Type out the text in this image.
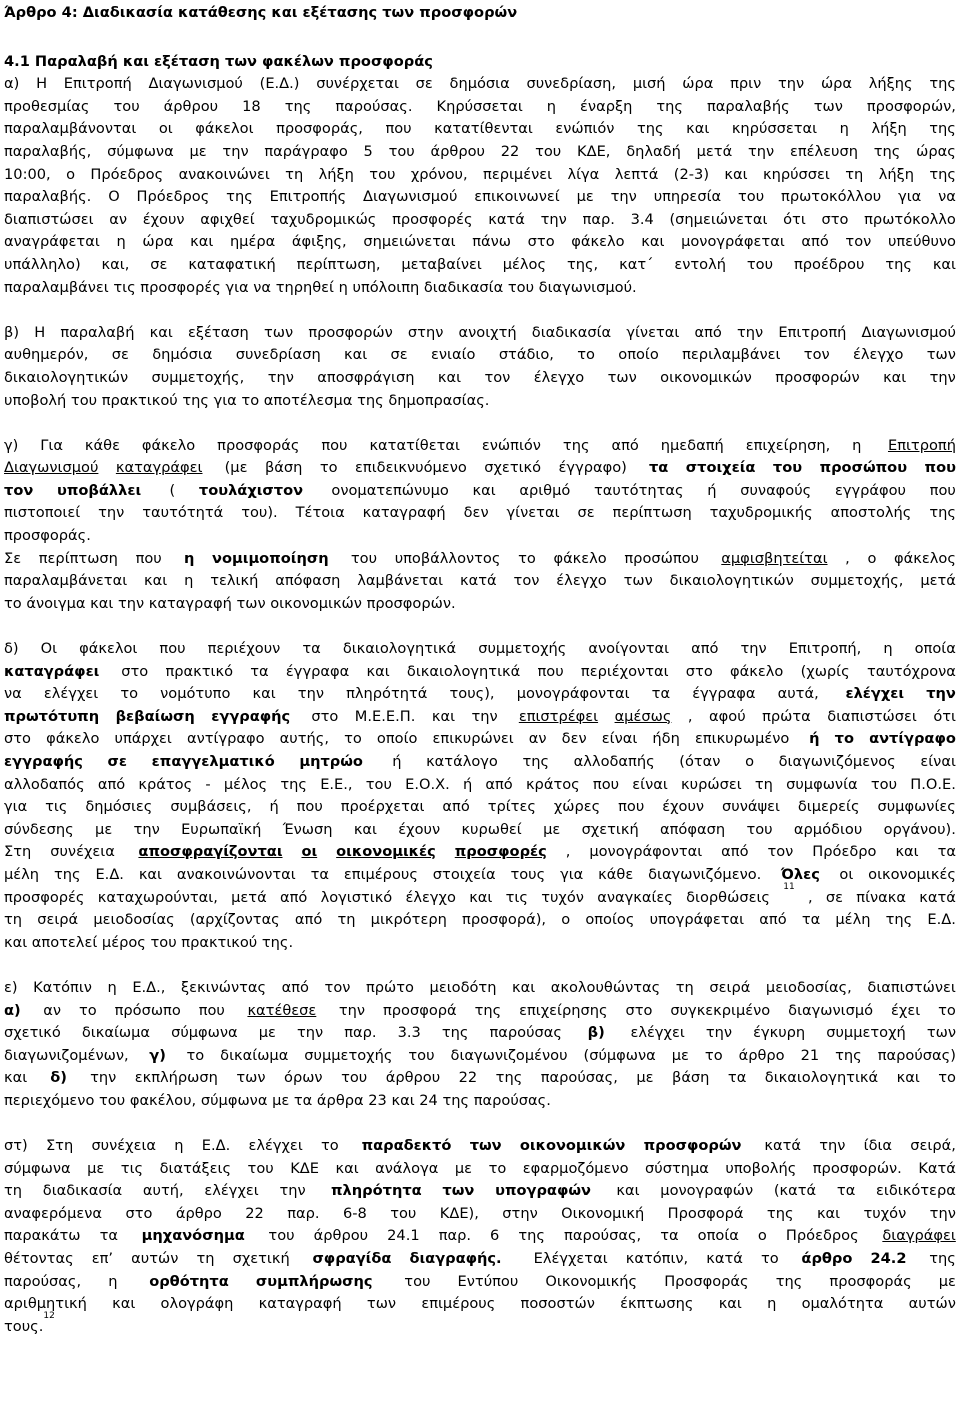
Άρθρο 4: Διαδικασία κατάθεσης και εξέτασης των προσφορών
4.1 Παραλαβή και εξέταση των φακέλων προσφοράς
α) Η Επιτροπή Διαγωνισμού (Ε.Δ.) συνέρχεται σε δημόσια συνεδρίαση, μισή ώρα πριν την ώρα λήξης της
προθεσμίας του άρθρου 18 της παρούσας. Κηρύσσεται η έναρξη της παραλαβής των προσφορών,
παραλαμβάνονται οι φάκελοι προσφοράς, που κατατίθενται ενώπιόν της και κηρύσσεται η λήξη της
παραλαβής, σύμφωνα με την παράγραφο 5 του άρθρου 22 του ΚΔΕ, δηλαδή μετά την επέλευση της ώρας
10:00, ο Πρόεδρος ανακοινώνει τη λήξη του χρόνου, περιμένει λίγα λεπτά (2-3) και κηρύσσει τη λήξη της
παραλαβής. Ο Πρόεδρος της Επιτροπής Διαγωνισμού επικοινωνεί με την υπηρεσία του πρωτοκόλλου για να
διαπιστώσει αν έχουν αφιχθεί ταχυδρομικώς προσφορές κατά την παρ. 3.4 (σημειώνεται ότι στο πρωτόκολλο
αναγράφεται η ώρα και ημέρα άφιξης, σημειώνεται πάνω στο φάκελο και μονογράφεται από τον υπεύθυνο
υπάλληλο) και, σε καταφατική περίπτωση, μεταβαίνει μέλος της, κατ΄ εντολή του προέδρου της και
παραλαμβάνει τις προσφορές για να τηρηθεί η υπόλοιπη διαδικασία του διαγωνισμού.
β) Η παραλαβή και εξέταση των προσφορών στην ανοιχτή διαδικασία γίνεται από την Επιτροπή Διαγωνισμού
αυθημερόν, σε δημόσια συνεδρίαση και σε ενιαίο στάδιο, το οποίο περιλαμβάνει τον έλεγχο των
δικαιολογητικών συμμετοχής, την αποσφράγιση και τον έλεγχο των οικονομικών προσφορών και την
υποβολή του πρακτικού της για το αποτέλεσμα της δημοπρασίας.
γ) Για κάθε φάκελο προσφοράς που κατατίθεται ενώπιόν της από ημεδαπή επιχείρηση, η Επιτροπή
Διαγωνισμού καταγράφει (με βάση το επιδεικνυόμενο σχετικό έγγραφο) τα στοιχεία του προσώπου που
τον υποβάλλει ( τουλάχιστον ονοματεπώνυμο και αριθμό ταυτότητας ή συναφούς εγγράφου που
πιστοποιεί την ταυτότητά του). Τέτοια καταγραφή δεν γίνεται σε περίπτωση ταχυδρομικής αποστολής της
προσφοράς.
Σε περίπτωση που η νομιμοποίηση του υποβάλλοντος το φάκελο προσώπου αμφισβητείται , ο φάκελος
παραλαμβάνεται και η τελική απόφαση λαμβάνεται κατά τον έλεγχο των δικαιολογητικών συμμετοχής, μετά
το άνοιγμα και την καταγραφή των οικονομικών προσφορών.
δ) Οι φάκελοι που περιέχουν τα δικαιολογητικά συμμετοχής ανοίγονται από την Επιτροπή, η οποία
καταγράφει στο πρακτικό τα έγγραφα και δικαιολογητικά που περιέχονται στο φάκελο (χωρίς ταυτόχρονα
να ελέγχει το νομότυπο και την πληρότητά τους), μονογράφονται τα έγγραφα αυτά, ελέγχει την
πρωτότυπη βεβαίωση εγγραφής στο Μ.Ε.Ε.Π. και την επιστρέφει αμέσως , αφού πρώτα διαπιστώσει ότι
στο φάκελο υπάρχει αντίγραφο αυτής, το οποίο επικυρώνει αν δεν είναι ήδη επικυρωμένο ή το αντίγραφο
εγγραφής σε επαγγελματικό μητρώο ή κατάλογο της αλλοδαπής (όταν ο διαγωνιζόμενος είναι
αλλοδαπός από κράτος - μέλος της Ε.Ε., του Ε.Ο.Χ. ή από κράτος που είναι κυρώσει τη συμφωνία του Π.Ο.Ε.
για τις δημόσιες συμβάσεις, ή που προέρχεται από τρίτες χώρες που έχουν συνάψει διμερείς συμφωνίες
σύνδεσης με την Ευρωπαϊκή Ένωση και έχουν κυρωθεί με σχετική απόφαση του αρμόδιου οργάνου).
Στη συνέχεια αποσφραγίζονται οι οικονομικές προσφορές , μονογράφονται από τον Πρόεδρο και τα
μέλη της Ε.Δ. και ανακοινώνονται τα επιμέρους στοιχεία τους για κάθε διαγωνιζόμενο. Όλες οι οικονομικές
προσφορές καταχωρούνται, μετά από λογιστικό έλεγχο και τις τυχόν αναγκαίες διορθώσεις
11
, σε πίνακα κατά
τη σειρά μειοδοσίας (αρχίζοντας από τη μικρότερη προσφορά), ο οποίος υπογράφεται από τα μέλη της Ε.Δ.
και αποτελεί μέρος του πρακτικού της.
ε) Κατόπιν η Ε.Δ., ξεκινώντας από τον πρώτο μειοδότη και ακολουθώντας τη σειρά μειοδοσίας, διαπιστώνει
α) αν το πρόσωπο που κατέθεσε την προσφορά της επιχείρησης στο συγκεκριμένο διαγωνισμό έχει το
σχετικό δικαίωμα σύμφωνα με την παρ. 3.3 της παρούσας β) ελέγχει την έγκυρη συμμετοχή των
διαγωνιζομένων, γ) το δικαίωμα συμμετοχής του διαγωνιζομένου (σύμφωνα με το άρθρο 21 της παρούσας)
και δ) την εκπλήρωση των όρων του άρθρου 22 της παρούσας, με βάση τα δικαιολογητικά και το
περιεχόμενο του φακέλου, σύμφωνα με τα άρθρα 23 και 24 της παρούσας.
στ) Στη συνέχεια η Ε.Δ. ελέγχει το παραδεκτό των οικονομικών προσφορών κατά την ίδια σειρά,
σύμφωνα με τις διατάξεις του ΚΔΕ και ανάλογα με το εφαρμοζόμενο σύστημα υποβολής προσφορών. Κατά
τη διαδικασία αυτή, ελέγχει την πληρότητα των υπογραφών και μονογραφών (κατά τα ειδικότερα
αναφερόμενα στο άρθρο 22 παρ. 6-8 του ΚΔΕ), στην Οικονομική Προσφορά της και τυχόν την
παρακάτω τα μηχανόσημα του άρθρου 24.1 παρ. 6 της παρούσας, τα οποία ο Πρόεδρος διαγράφει
θέτοντας επ’ αυτών τη σχετική σφραγίδα διαγραφής. Ελέγχεται κατόπιν, κατά το άρθρο 24.2 της
παρούσας, η ορθότητα συμπλήρωσης του Εντύπου Οικονομικής Προσφοράς της προσφοράς με
αριθμητική και ολογράφη καταγραφή των επιμέρους ποσοστών έκπτωσης και η ομαλότητα αυτών
τους.
12
